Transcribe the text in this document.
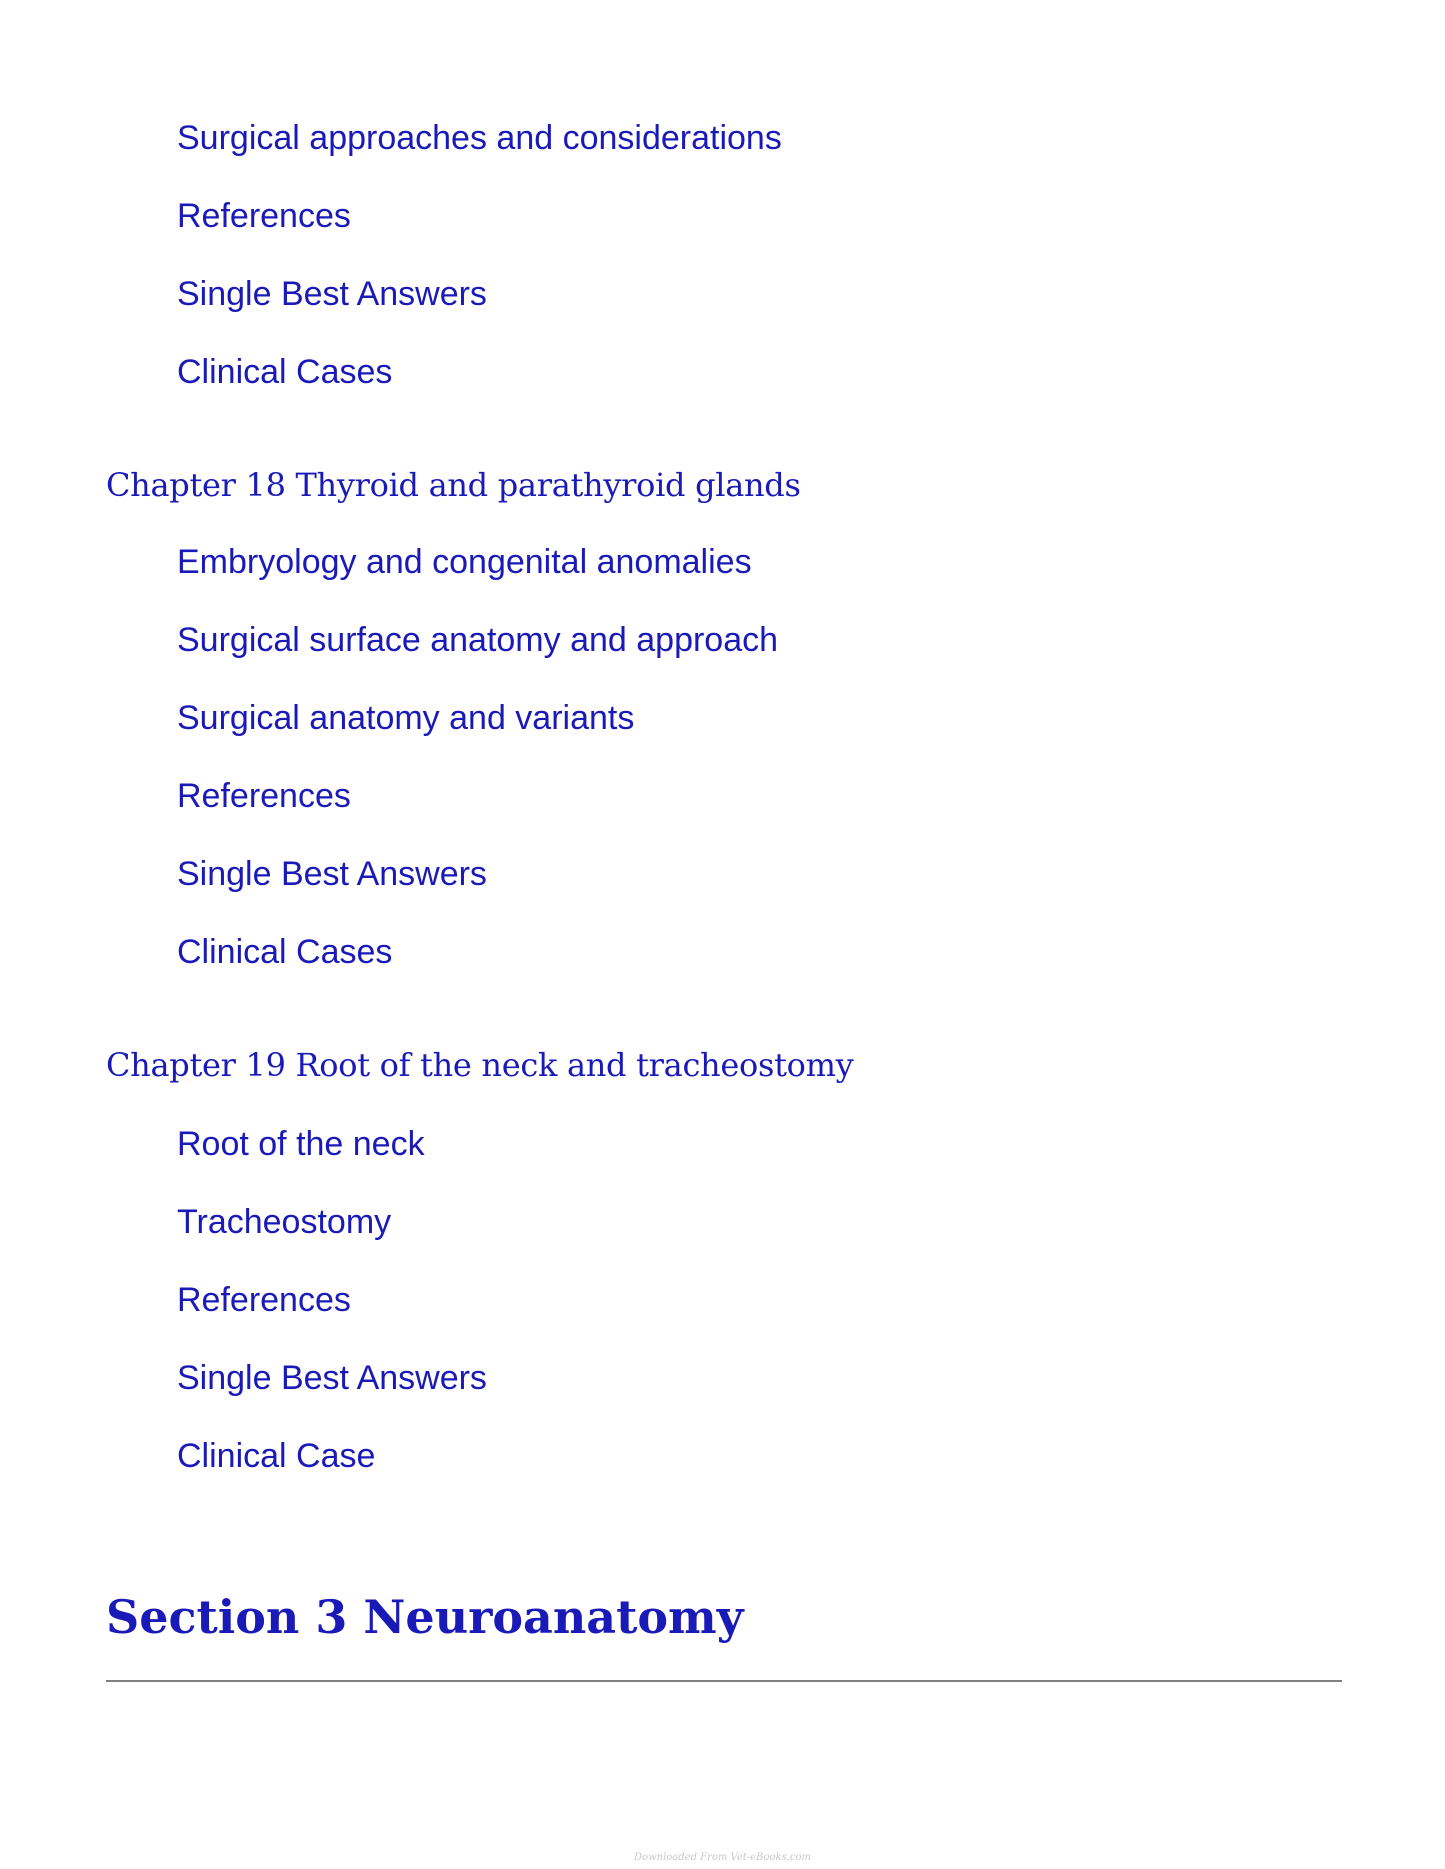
Surgical approaches and considerations
References
Single Best Answers
Clinical Cases
Chapter 18 Thyroid and parathyroid glands
Embryology and congenital anomalies
Surgical surface anatomy and approach
Surgical anatomy and variants
References
Single Best Answers
Clinical Cases
Chapter 19 Root of the neck and tracheostomy
Root of the neck
Tracheostomy
References
Single Best Answers
Clinical Case
Section 3 Neuroanatomy
Downloaded From Vet-eBooks.com
